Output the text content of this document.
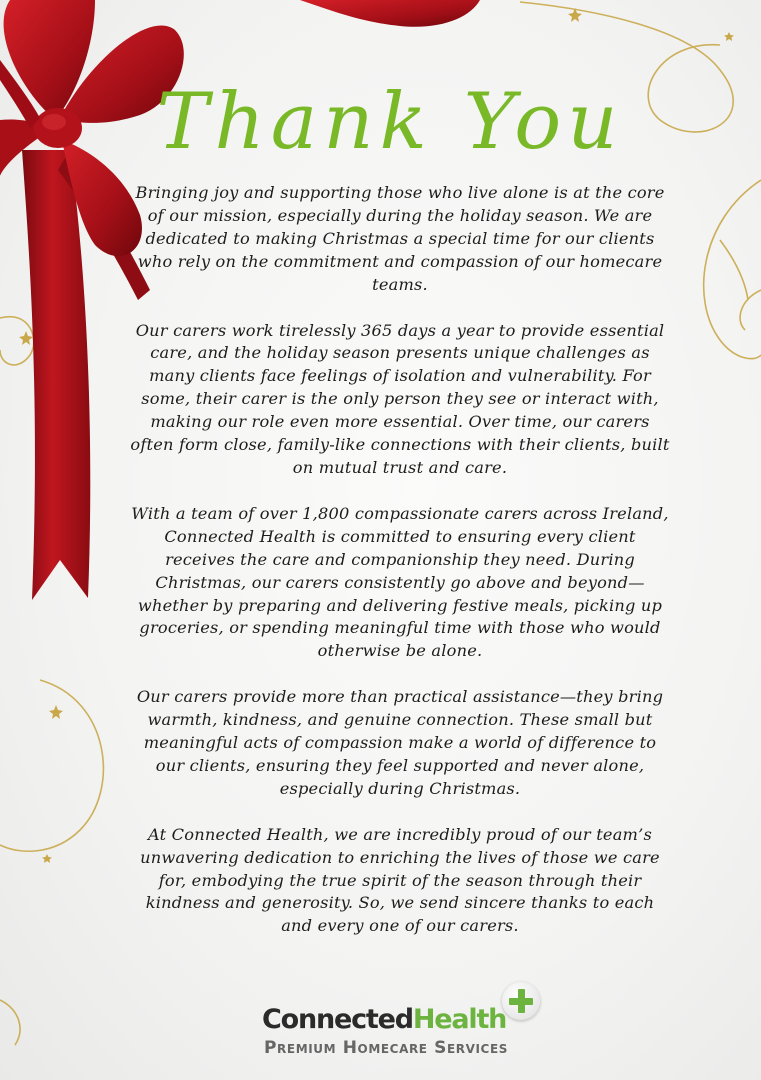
Thank You

Bringing joy and supporting those who live alone is at the core of our mission, especially during the holiday season. We are dedicated to making Christmas a special time for our clients who rely on the commitment and compassion of our homecare teams.

Our carers work tirelessly 365 days a year to provide essential care, and the holiday season presents unique challenges as many clients face feelings of isolation and vulnerability. For some, their carer is the only person they see or interact with, making our role even more essential. Over time, our carers often form close, family-like connections with their clients, built on mutual trust and care.

With a team of over 1,800 compassionate carers across Ireland, Connected Health is committed to ensuring every client receives the care and companionship they need. During Christmas, our carers consistently go above and beyond—whether by preparing and delivering festive meals, picking up groceries, or spending meaningful time with those who would otherwise be alone.

Our carers provide more than practical assistance—they bring warmth, kindness, and genuine connection. These small but meaningful acts of compassion make a world of difference to our clients, ensuring they feel supported and never alone, especially during Christmas.

At Connected Health, we are incredibly proud of our team’s unwavering dedication to enriching the lives of those we care for, embodying the true spirit of the season through their kindness and generosity. So, we send sincere thanks to each and every one of our carers.

ConnectedHealth
Premium Homecare Services
